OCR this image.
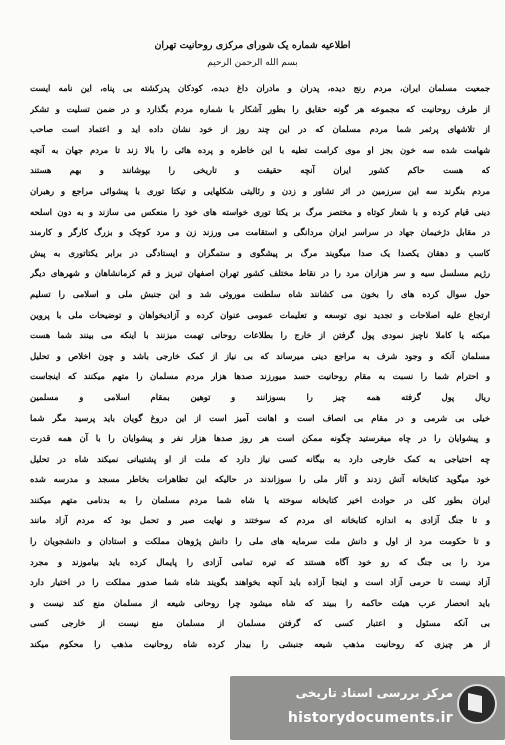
اطلاعیه شماره یک شورای مرکزی روحانیت تهران
بسم الله الرحمن الرحیم
جمعیت مسلمان ایران، مردم رنج دیده، پدران و مادران داغ دیده، کودکان پدرکشته بی پناه، این نامه ایست
از طرف روحانیت که مجموعه هر گونه حقایق را بطور آشکار با شماره مردم بگذارد و در ضمن تسلیت و تشکر
از تلاشهای پرثمر شما مردم مسلمان که در این چند روز از خود نشان داده اید و اعتماد است صاحب
شهامت شده سه خون بجز او موی کرامت تطیه با این خاطره و پرده هائی را بالا زند تا مردم جهان به آنچه
که هست حاکم کشور ایران آنچه حقیقت و تاریخی را بپوشانند و بهم هستند
مردم بنگرند سه این سرزمین در اثر تشاور و زدن و رئالیتی شکلهایی و تیکتا توری با پیشوائی مراجع و رهبران
دینی قیام کرده و با شعار کوتاه و مختصر مرگ بر یکتا توری خواسته های خود را منعکس می سازند و به دون اسلحه
در مقابل دژخیمان جهاد در سراسر ایران مردانگی و استقامت می ورزند زن و مرد کوچک و بزرگ کارگر و کارمند
کاسب و دهقان یکصدا یک صدا میگویند مرگ بر پیشگوی و ستمگران و ایستادگی در برابر یکتاتوری به پیش
رژیم مسلسل سیه و سر هزاران مرد را در نقاط مختلف کشور تهران اصفهان تبریز و قم کرمانشاهان و شهرهای دیگر
حول سوال کرده های را بخون می کشانند شاه سلطنت موروثی شد و این جنبش ملی و اسلامی را تسلیم
ارتجاع علیه اصلاحات و تجدید نوی توسعه و تعلیمات عمومی عنوان کرده و آزادیخواهان و توضیحات ملی با پروین
میکنه یا کاملا ناچیز نمودی پول گرفتن از خارج را بطلاعات روحانی تهمت میزنند با اینکه می بینند شما هست
مسلمان آنکه و وجود شرف به مراجع دینی میرساند که بی نیاز از کمک خارجی باشد و چون اخلاص و تحلیل
و احترام شما را نسبت به مقام روحانیت حسد میورزند صدها هزار مردم مسلمان را متهم میکنند که اینجاست
ریال پول گرفته همه چیز را بسوزانند و توهین بمقام اسلامی و مسلمین
خیلی بی شرمی و در مقام بی انصاف است و اهانت آمیز است از این دروغ گویان باید پرسید مگر شما
و پیشوایان را در چاه میفرستید چگونه ممکن است هر روز صدها هزار نفر و پیشوایان را با آن همه قدرت
چه احتیاجی به کمک خارجی دارد به بیگانه کسی نیاز دارد که ملت از او پشتیبانی نمیکند شاه در تحلیل
خود میگوید کتابخانه آتش زدند و آثار ملی را سوزاندند در حالیکه این تظاهرات بخاطر مسجد و مدرسه شده
ایران بطور کلی در حوادث اخیر کتابخانه سوخته یا شاه شما مردم مسلمان را به بدنامی متهم میکنند
و تا جنگ آزادی به اندازه کتابخانه ای مردم که سوختند و نهایت صبر و تحمل بود که مردم آزاد مانند
و تا حکومت مرد از اول و دانش ملت سرمایه های ملی را دانش پژوهان مملکت و استادان و دانشجویان را
مرد را بی جنگ که رو خود آگاه هستند که تیره تمامی آزادی را پایمال کرده باید بیاموزند و مجرد
آزاد نیست تا حرمی آزاد است و اینجا آزاده باید آنچه بخواهند بگویند شاه شما صدور مملکت را در اختیار دارد
باید انحصار عرب هیئت حاکمه را ببیند که شاه میشود چرا روحانی شیعه از مسلمان منع کند نیست و
بی آنکه مسئول و اعتبار کسی که گرفتن مسلمان از مسلمان منع نیست از خارجی کسی
از هر چیزی که روحانیت مذهب شیعه جنبشی را بیدار کرده شاه روحانیت مذهب را محکوم میکند
مرکز بررسی اسناد تاریخی
historydocuments.ir
